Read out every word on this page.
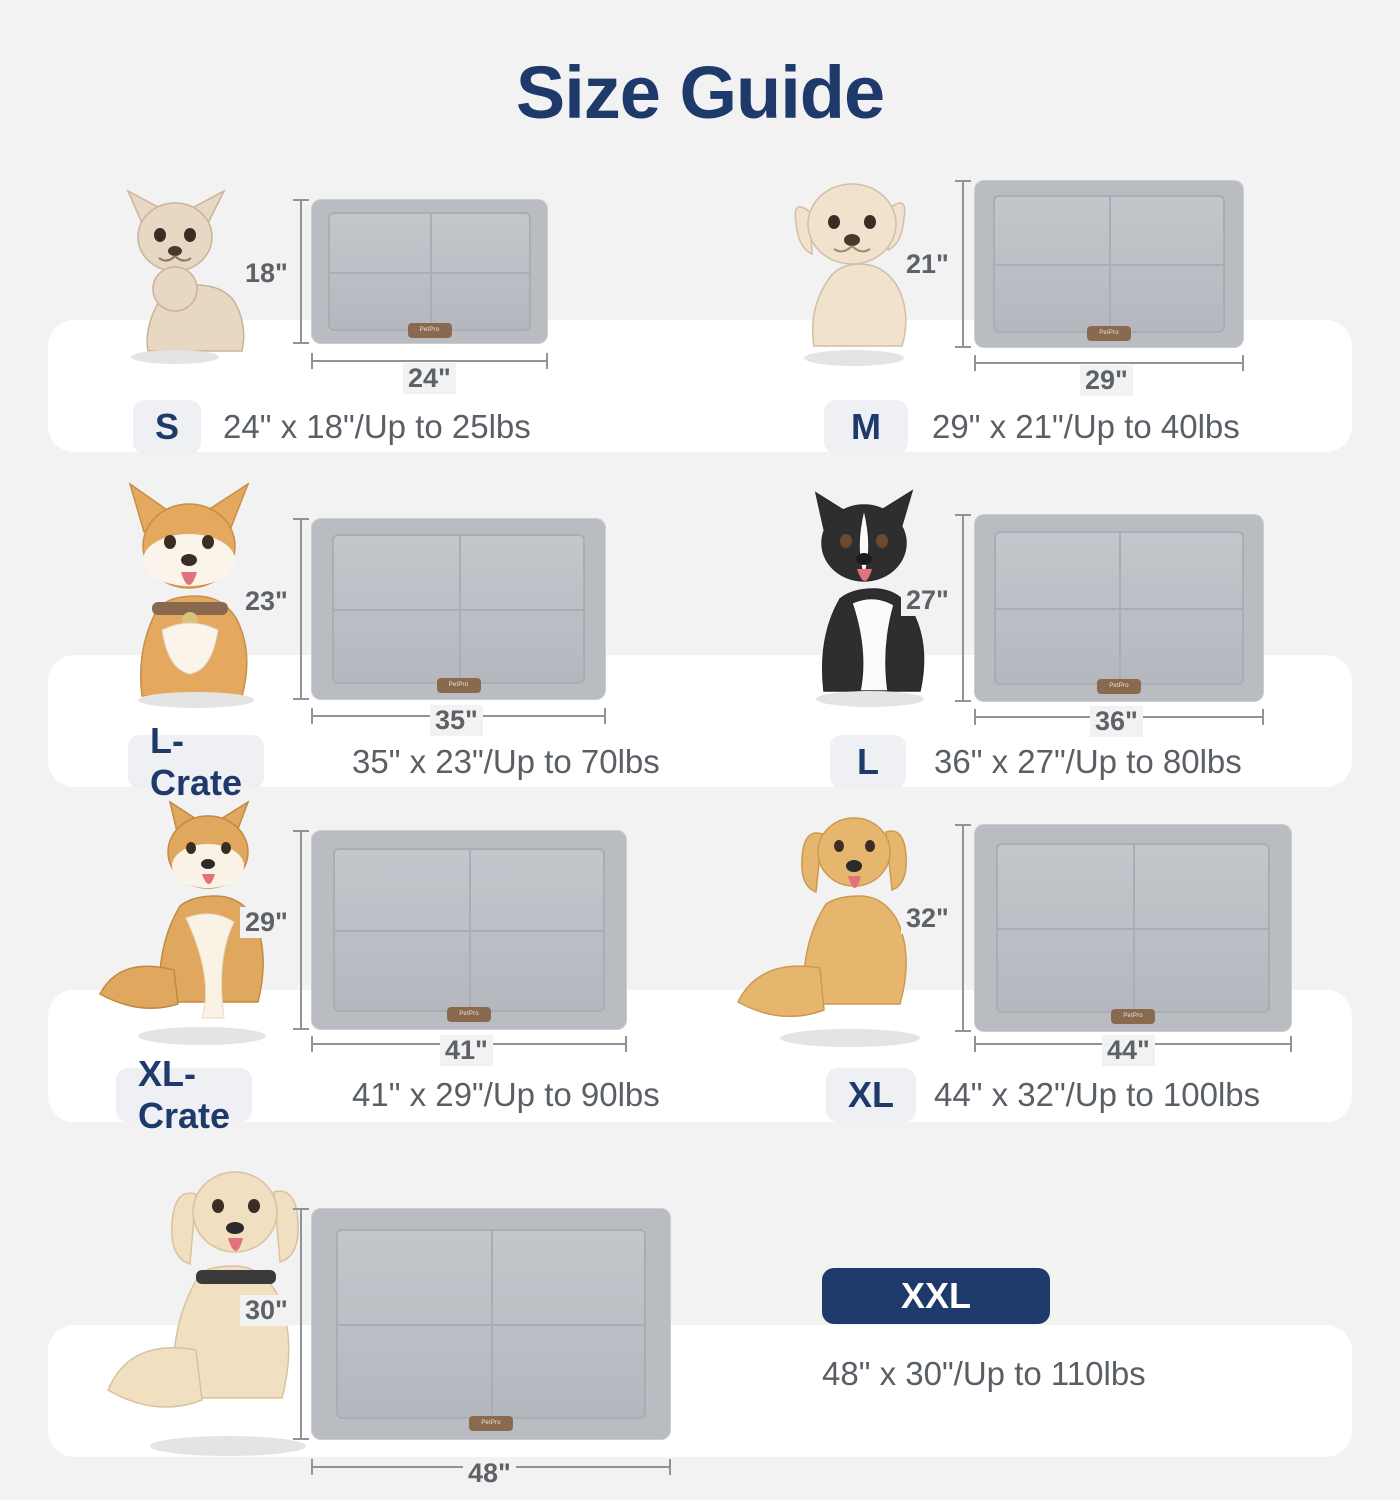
Size Guide
18"
PetPro
24"
S	24" x 18"/Up to 25lbs
21"
PetPro
29"
M	29" x 21"/Up to 40lbs
23"
PetPro
35"
L-Crate
35" x 23"/Up to 70lbs
27"
PetPro
36"
L	36" x 27"/Up to 80lbs
29"
PetPro
41"
XL-Crate
41" x 29"/Up to 90lbs
32"
PetPro
44"
XL	44" x 32"/Up to 100lbs
30"
PetPro
48"
XXL
48" x 30"/Up to 110lbs
